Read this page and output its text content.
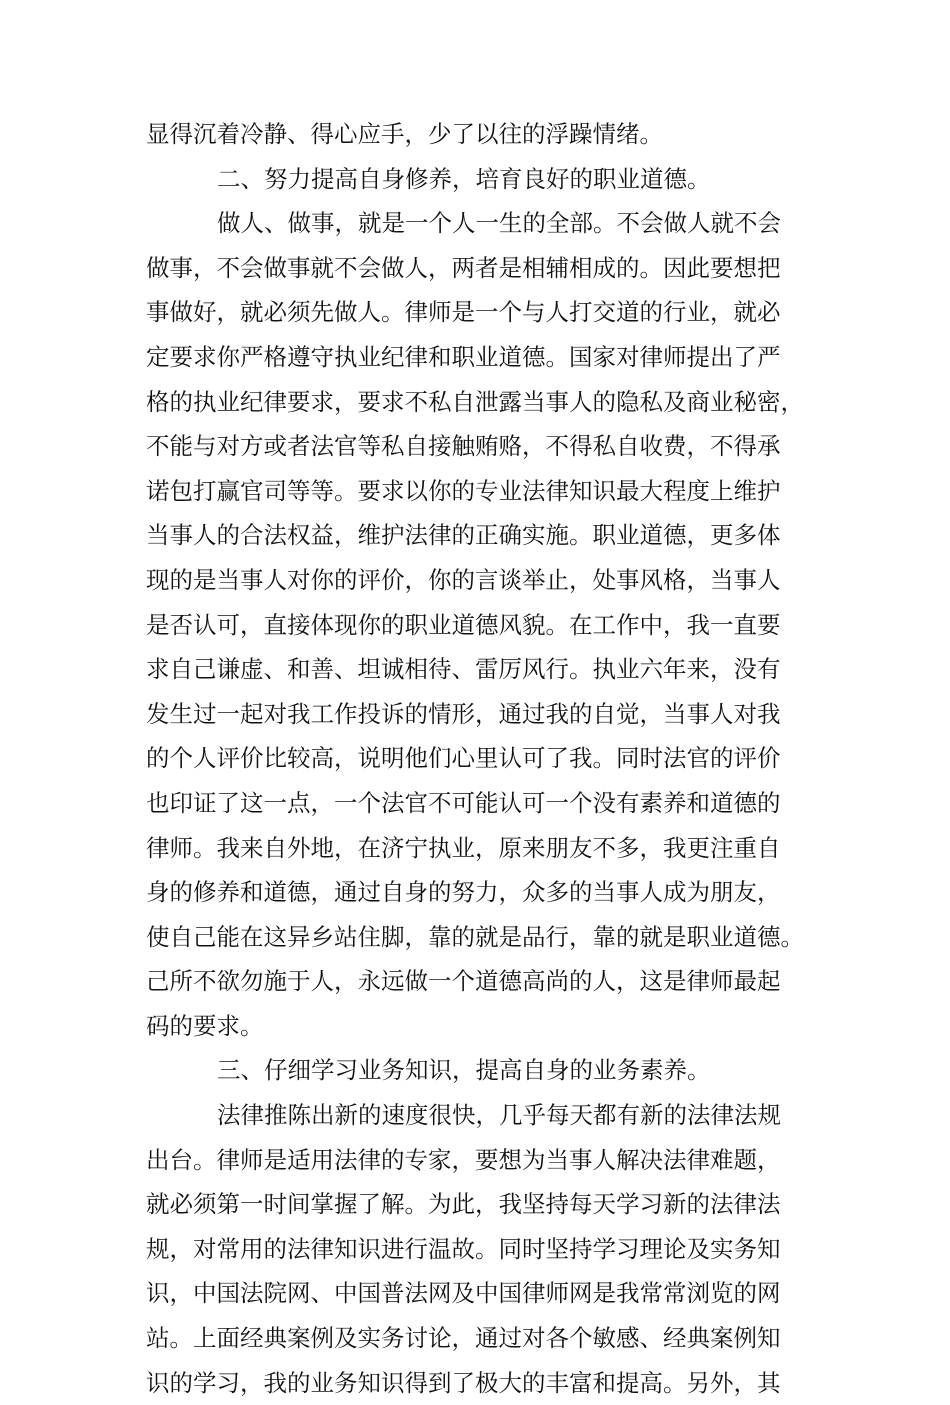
显得沉着冷静、得心应手，少了以往的浮躁情绪。
二、努力提高自身修养，培育良好的职业道德。
做人、做事，就是一个人一生的全部。不会做人就不会
做事，不会做事就不会做人，两者是相辅相成的。因此要想把
事做好，就必须先做人。律师是一个与人打交道的行业，就必
定要求你严格遵守执业纪律和职业道德。国家对律师提出了严
格的执业纪律要求，要求不私自泄露当事人的隐私及商业秘密，
不能与对方或者法官等私自接触贿赂，不得私自收费，不得承
诺包打赢官司等等。要求以你的专业法律知识最大程度上维护
当事人的合法权益，维护法律的正确实施。职业道德，更多体
现的是当事人对你的评价，你的言谈举止，处事风格，当事人
是否认可，直接体现你的职业道德风貌。在工作中，我一直要
求自己谦虚、和善、坦诚相待、雷厉风行。执业六年来，没有
发生过一起对我工作投诉的情形，通过我的自觉，当事人对我
的个人评价比较高，说明他们心里认可了我。同时法官的评价
也印证了这一点，一个法官不可能认可一个没有素养和道德的
律师。我来自外地，在济宁执业，原来朋友不多，我更注重自
身的修养和道德，通过自身的努力，众多的当事人成为朋友，
使自己能在这异乡站住脚，靠的就是品行，靠的就是职业道德。
己所不欲勿施于人，永远做一个道德高尚的人，这是律师最起
码的要求。
三、仔细学习业务知识，提高自身的业务素养。
法律推陈出新的速度很快，几乎每天都有新的法律法规
出台。律师是适用法律的专家，要想为当事人解决法律难题，
就必须第一时间掌握了解。为此，我坚持每天学习新的法律法
规，对常用的法律知识进行温故。同时坚持学习理论及实务知
识，中国法院网、中国普法网及中国律师网是我常常浏览的网
站。上面经典案例及实务讨论，通过对各个敏感、经典案例知
识的学习，我的业务知识得到了极大的丰富和提高。另外，其
